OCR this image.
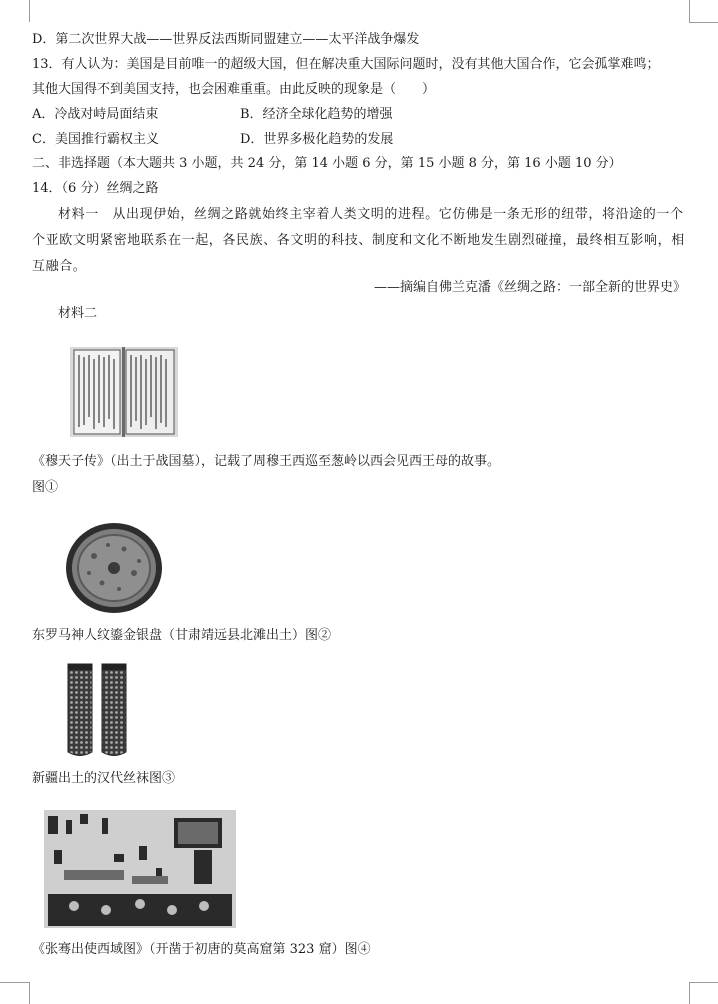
D．第二次世界大战——世界反法西斯同盟建立——太平洋战争爆发
13．有人认为：美国是目前唯一的超级大国，但在解决重大国际问题时，没有其他大国合作，它会孤掌难鸣；
其他大国得不到美国支持，也会困难重重。由此反映的现象是（　　）
A．冷战对峙局面结束	B．经济全球化趋势的增强
C．美国推行霸权主义	D．世界多极化趋势的发展
二、非选择题（本大题共 3 小题，共 24 分，第 14 小题 6 分，第 15 小题 8 分，第 16 小题 10 分）
14．（6 分）丝绸之路
材料一　从出现伊始，丝绸之路就始终主宰着人类文明的进程。它仿佛是一条无形的纽带，将沿途的一个个亚欧文明紧密地联系在一起，各民族、各文明的科技、制度和文化不断地发生剧烈碰撞，最终相互影响，相互融合。
——摘编自佛兰克潘《丝绸之路：一部全新的世界史》
材料二
《穆天子传》（出土于战国墓），记载了周穆王西巡至葱岭以西会见西王母的故事。
图①
东罗马神人纹鎏金银盘（甘肃靖远县北滩出土）图②
新疆出土的汉代丝袜图③
《张骞出使西域图》（开凿于初唐的莫高窟第 323 窟）图④
